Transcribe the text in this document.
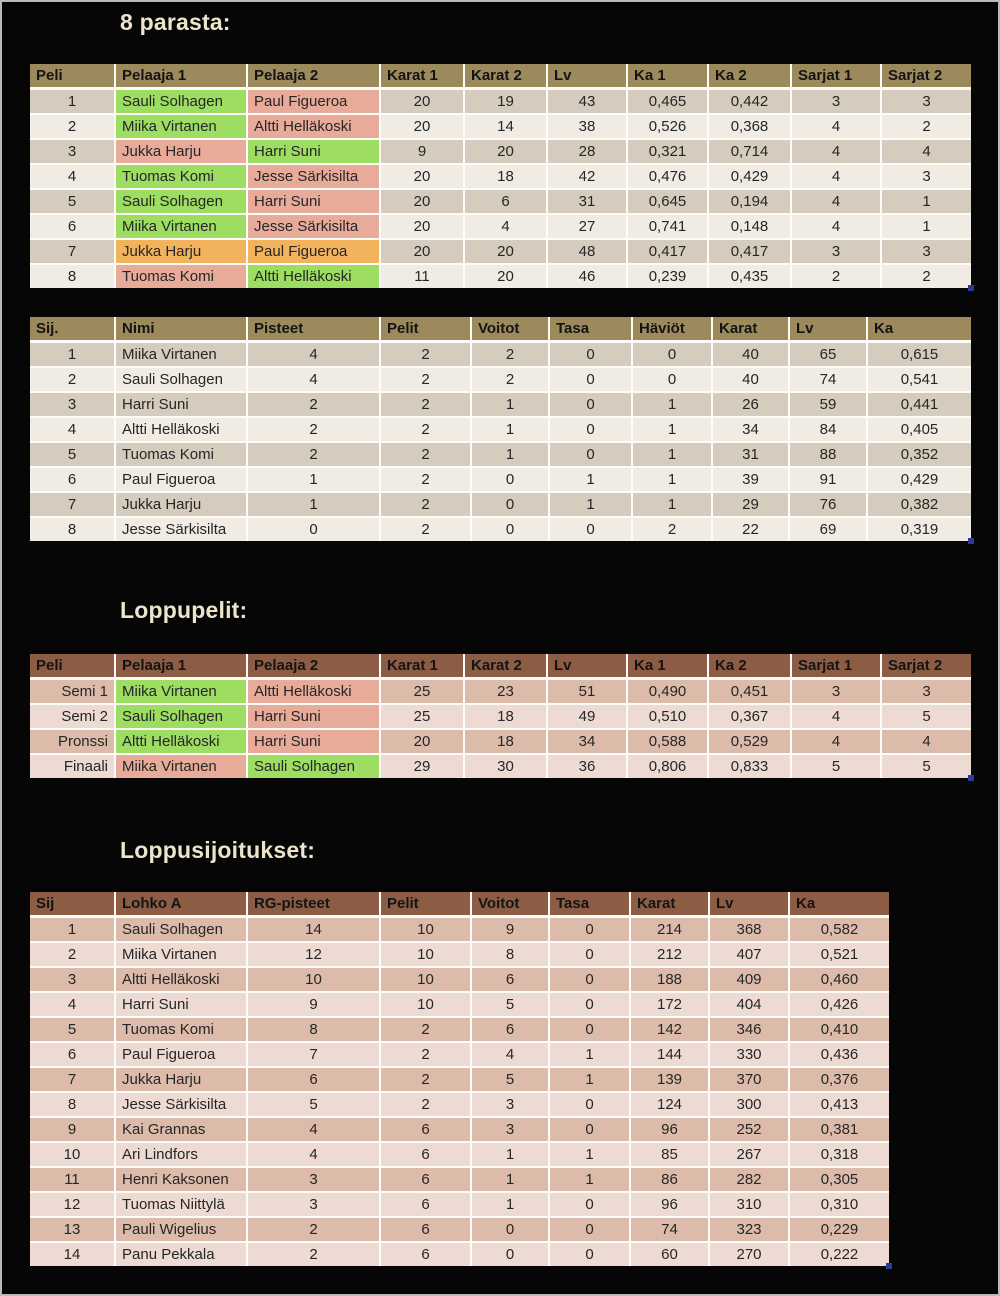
8 parasta:
Peli	Pelaaja 1	Pelaaja 2	Karat 1	Karat 2	Lv	Ka 1	Ka 2	Sarjat 1	Sarjat 2
1	Sauli Solhagen	Paul Figueroa	20	19	43	0,465	0,442	3	3
2	Miika Virtanen	Altti Helläkoski	20	14	38	0,526	0,368	4	2
3	Jukka Harju	Harri Suni	9	20	28	0,321	0,714	4	4
4	Tuomas Komi	Jesse Särkisilta	20	18	42	0,476	0,429	4	3
5	Sauli Solhagen	Harri Suni	20	6	31	0,645	0,194	4	1
6	Miika Virtanen	Jesse Särkisilta	20	4	27	0,741	0,148	4	1
7	Jukka Harju	Paul Figueroa	20	20	48	0,417	0,417	3	3
8	Tuomas Komi	Altti Helläkoski	11	20	46	0,239	0,435	2	2
Sij.	Nimi	Pisteet	Pelit	Voitot	Tasa	Häviöt	Karat	Lv	Ka
1	Miika Virtanen	4	2	2	0	0	40	65	0,615
2	Sauli Solhagen	4	2	2	0	0	40	74	0,541
3	Harri Suni	2	2	1	0	1	26	59	0,441
4	Altti Helläkoski	2	2	1	0	1	34	84	0,405
5	Tuomas Komi	2	2	1	0	1	31	88	0,352
6	Paul Figueroa	1	2	0	1	1	39	91	0,429
7	Jukka Harju	1	2	0	1	1	29	76	0,382
8	Jesse Särkisilta	0	2	0	0	2	22	69	0,319
Loppupelit:
Peli	Pelaaja 1	Pelaaja 2	Karat 1	Karat 2	Lv	Ka 1	Ka 2	Sarjat 1	Sarjat 2
Semi 1	Miika Virtanen	Altti Helläkoski	25	23	51	0,490	0,451	3	3
Semi 2	Sauli Solhagen	Harri Suni	25	18	49	0,510	0,367	4	5
Pronssi	Altti Helläkoski	Harri Suni	20	18	34	0,588	0,529	4	4
Finaali	Miika Virtanen	Sauli Solhagen	29	30	36	0,806	0,833	5	5
Loppusijoitukset:
Sij	Lohko A	RG-pisteet	Pelit	Voitot	Tasa	Karat	Lv	Ka
1	Sauli Solhagen	14	10	9	0	214	368	0,582
2	Miika Virtanen	12	10	8	0	212	407	0,521
3	Altti Helläkoski	10	10	6	0	188	409	0,460
4	Harri Suni	9	10	5	0	172	404	0,426
5	Tuomas Komi	8	2	6	0	142	346	0,410
6	Paul Figueroa	7	2	4	1	144	330	0,436
7	Jukka Harju	6	2	5	1	139	370	0,376
8	Jesse Särkisilta	5	2	3	0	124	300	0,413
9	Kai Grannas	4	6	3	0	96	252	0,381
10	Ari Lindfors	4	6	1	1	85	267	0,318
11	Henri Kaksonen	3	6	1	1	86	282	0,305
12	Tuomas Niittylä	3	6	1	0	96	310	0,310
13	Pauli Wigelius	2	6	0	0	74	323	0,229
14	Panu Pekkala	2	6	0	0	60	270	0,222
